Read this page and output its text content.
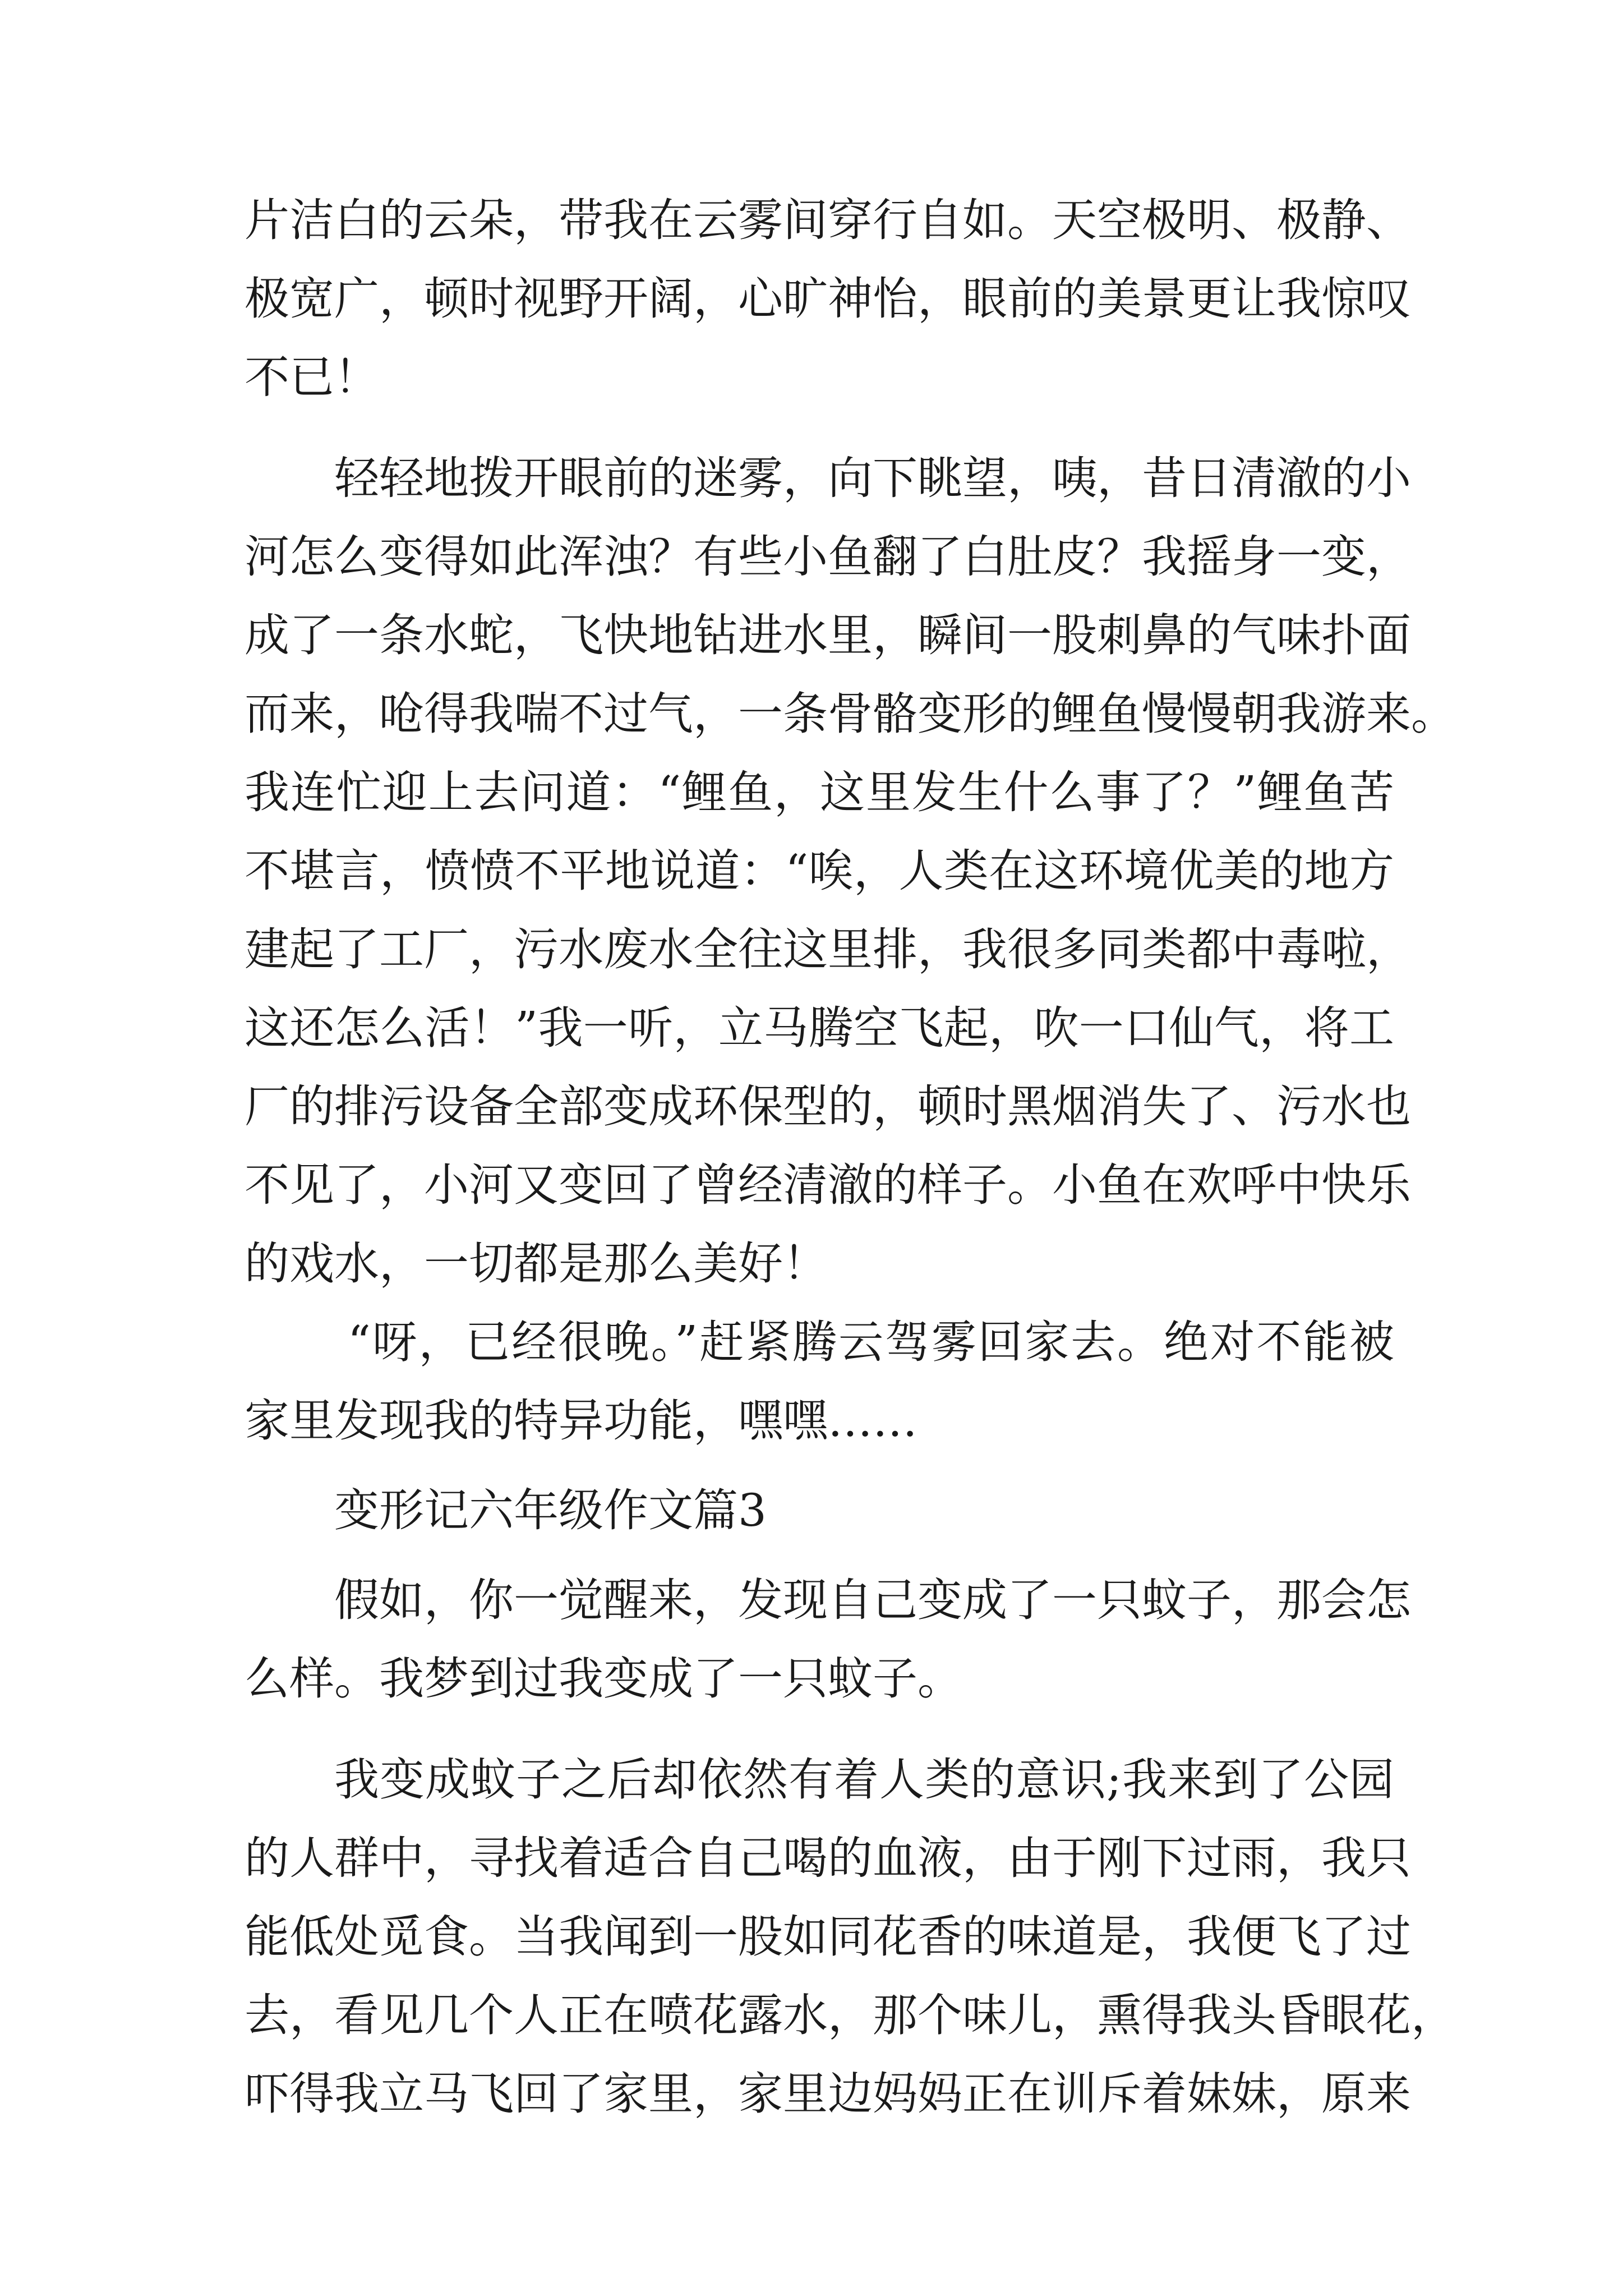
片洁白的云朵，带我在云雾间穿行自如。天空极明、极静、
极宽广，顿时视野开阔，心旷神怡，眼前的美景更让我惊叹
不已！
轻轻地拨开眼前的迷雾，向下眺望，咦，昔日清澈的小
河怎么变得如此浑浊？有些小鱼翻了白肚皮？我摇身一变，
成了一条水蛇，飞快地钻进水里，瞬间一股刺鼻的气味扑面
而来，呛得我喘不过气，一条骨骼变形的鲤鱼慢慢朝我游来。
我连忙迎上去问道：“鲤鱼，这里发生什么事了？”鲤鱼苦
不堪言，愤愤不平地说道：“唉，人类在这环境优美的地方
建起了工厂，污水废水全往这里排，我很多同类都中毒啦，
这还怎么活！”我一听，立马腾空飞起，吹一口仙气，将工
厂的排污设备全部变成环保型的，顿时黑烟消失了、污水也
不见了，小河又变回了曾经清澈的样子。小鱼在欢呼中快乐
的戏水，一切都是那么美好！
“呀，已经很晚。”赶紧腾云驾雾回家去。绝对不能被
家里发现我的特异功能，嘿嘿……
变形记六年级作文篇3
假如，你一觉醒来，发现自己变成了一只蚊子，那会怎
么样。我梦到过我变成了一只蚊子。
我变成蚊子之后却依然有着人类的意识;我来到了公园
的人群中，寻找着适合自己喝的血液，由于刚下过雨，我只
能低处觅食。当我闻到一股如同花香的味道是，我便飞了过
去，看见几个人正在喷花露水，那个味儿，熏得我头昏眼花，
吓得我立马飞回了家里，家里边妈妈正在训斥着妹妹，原来
